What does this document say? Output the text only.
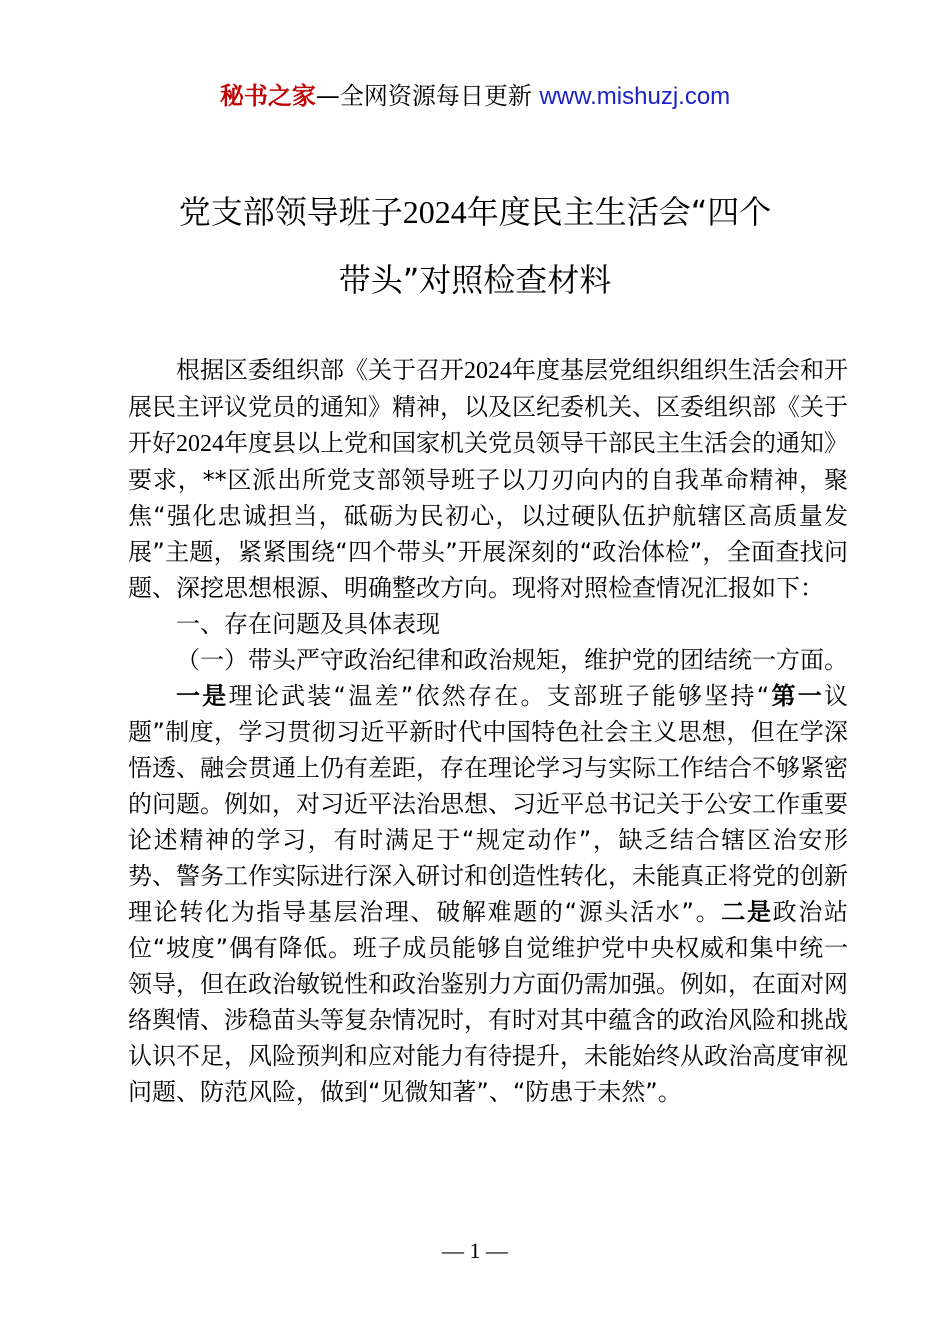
秘书之家—全网资源每日更新 www.mishuzj.com
党支部领导班子2024年度民主生活会“四个
带头”对照检查材料

根据区委组织部《关于召开2024年度基层党组织组织生活会和开展民主评议党员的通知》精神，以及区纪委机关、区委组织部《关于开好2024年度县以上党和国家机关党员领导干部民主生活会的通知》要求，**区派出所党支部领导班子以刀刃向内的自我革命精神，聚焦“强化忠诚担当，砥砺为民初心，以过硬队伍护航辖区高质量发展”主题，紧紧围绕“四个带头”开展深刻的“政治体检”，全面查找问题、深挖思想根源、明确整改方向。现将对照检查情况汇报如下：

一、存在问题及具体表现

（一）带头严守政治纪律和政治规矩，维护党的团结统一方面。

一是理论武装“温差”依然存在。支部班子能够坚持“第一议题”制度，学习贯彻习近平新时代中国特色社会主义思想，但在学深悟透、融会贯通上仍有差距，存在理论学习与实际工作结合不够紧密的问题。例如，对习近平法治思想、习近平总书记关于公安工作重要论述精神的学习，有时满足于“规定动作”，缺乏结合辖区治安形势、警务工作实际进行深入研讨和创造性转化，未能真正将党的创新理论转化为指导基层治理、破解难题的“源头活水”。二是政治站位“坡度”偶有降低。班子成员能够自觉维护党中央权威和集中统一领导，但在政治敏锐性和政治鉴别力方面仍需加强。例如，在面对网络舆情、涉稳苗头等复杂情况时，有时对其中蕴含的政治风险和挑战认识不足，风险预判和应对能力有待提升，未能始终从政治高度审视问题、防范风险，做到“见微知著”、“防患于未然”。

— 1 —
